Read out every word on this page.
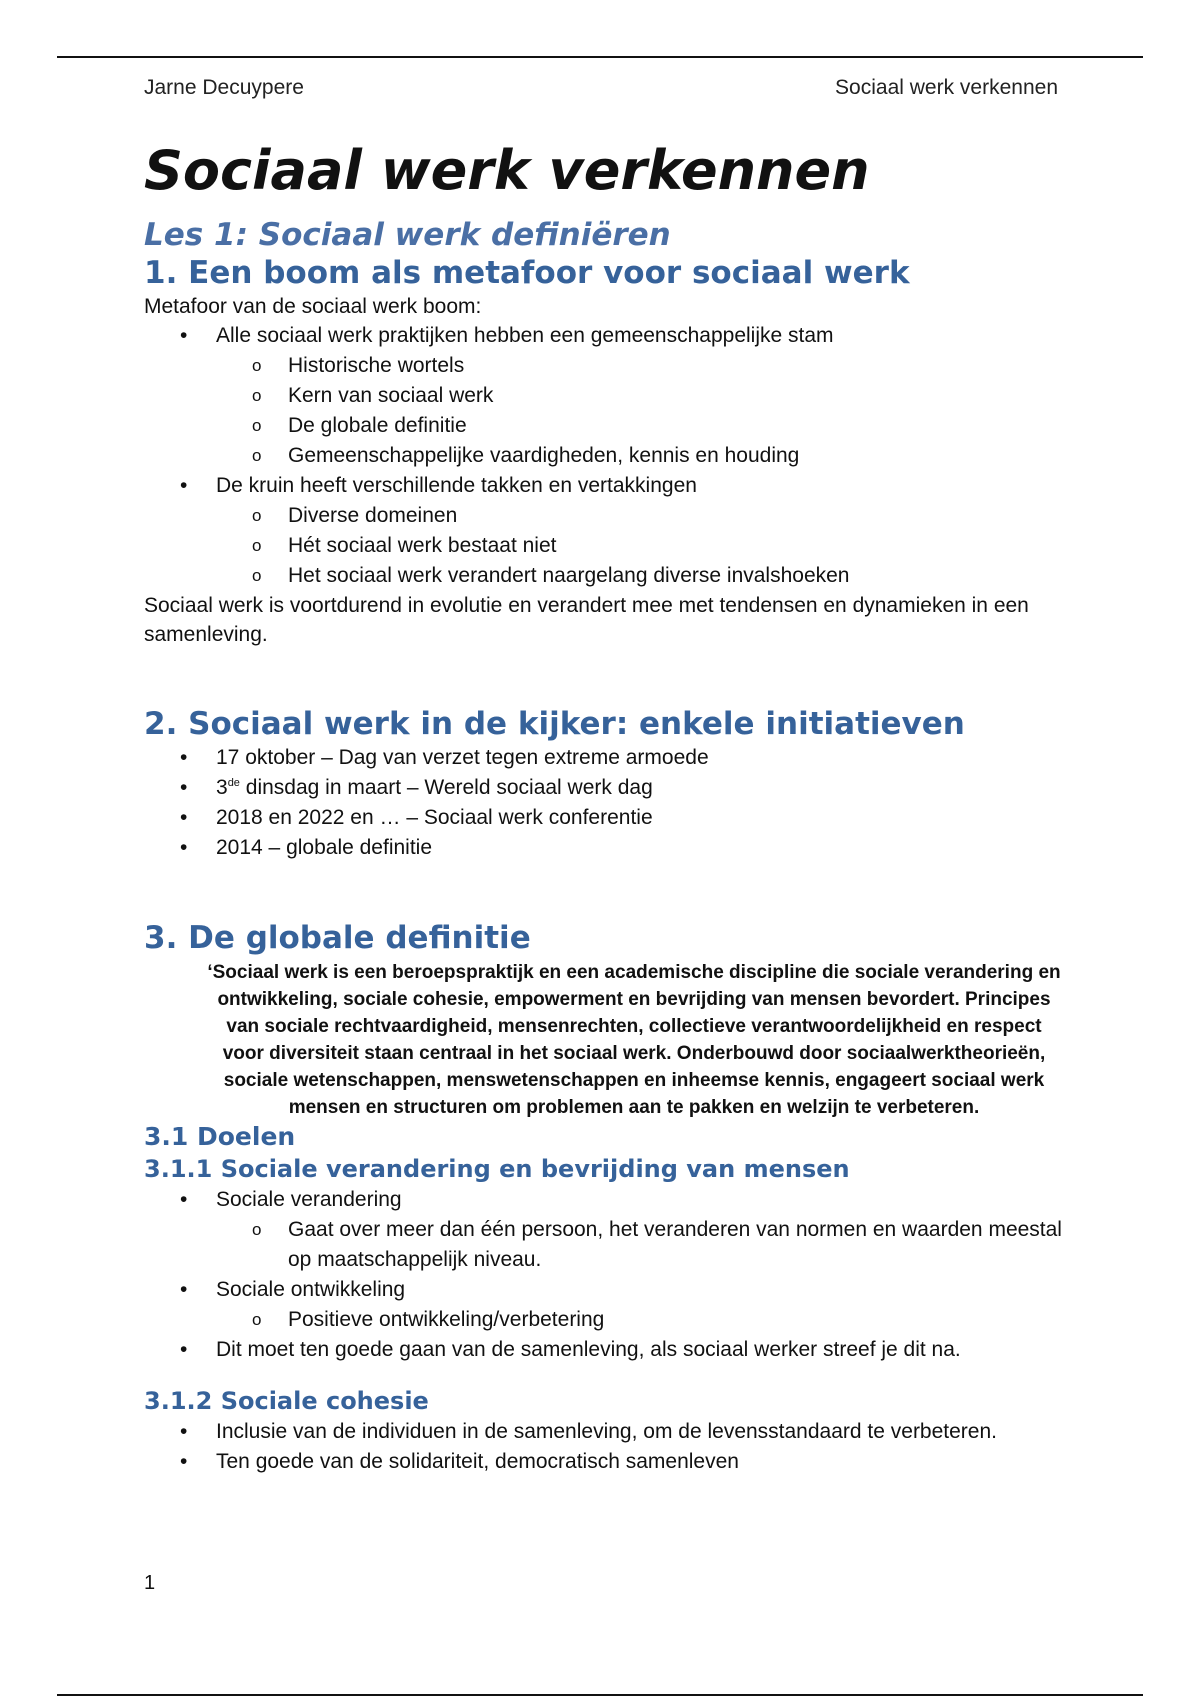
Jarne Decuypere	Sociaal werk verkennen
Sociaal werk verkennen
Les 1: Sociaal werk definiëren
1. Een boom als metafoor voor sociaal werk

Metafoor van de sociaal werk boom:

• Alle sociaal werk praktijken hebben een gemeenschappelijke stam
o Historische wortels
o Kern van sociaal werk
o De globale definitie
o Gemeenschappelijke vaardigheden, kennis en houding
• De kruin heeft verschillende takken en vertakkingen
o Diverse domeinen
o Hét sociaal werk bestaat niet
o Het sociaal werk verandert naargelang diverse invalshoeken

Sociaal werk is voortdurend in evolutie en verandert mee met tendensen en dynamieken in een samenleving.

2. Sociaal werk in de kijker: enkele initiatieven
• 17 oktober – Dag van verzet tegen extreme armoede
• 3de dinsdag in maart – Wereld sociaal werk dag
• 2018 en 2022 en … – Sociaal werk conferentie
• 2014 – globale definitie
3. De globale definitie
‘Sociaal werk is een beroepspraktijk en een academische discipline die sociale verandering en ontwikkeling, sociale cohesie, empowerment en bevrijding van mensen bevordert. Principes van sociale rechtvaardigheid, mensenrechten, collectieve verantwoordelijkheid en respect voor diversiteit staan centraal in het sociaal werk. Onderbouwd door sociaalwerktheorieën, sociale wetenschappen, menswetenschappen en inheemse kennis, engageert sociaal werk mensen en structuren om problemen aan te pakken en welzijn te verbeteren.
3.1 Doelen
3.1.1 Sociale verandering en bevrijding van mensen
• Sociale verandering
o Gaat over meer dan één persoon, het veranderen van normen en waarden meestal op maatschappelijk niveau.
• Sociale ontwikkeling
o Positieve ontwikkeling/verbetering
• Dit moet ten goede gaan van de samenleving, als sociaal werker streef je dit na.
3.1.2 Sociale cohesie
• Inclusie van de individuen in de samenleving, om de levensstandaard te verbeteren.
• Ten goede van de solidariteit, democratisch samenleven
1
